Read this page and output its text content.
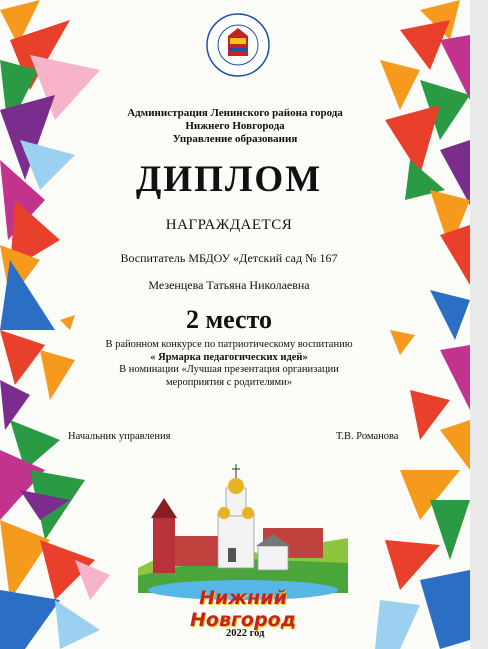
Администрация Ленинского района города
Нижнего Новгорода
Управление образования
ДИПЛОМ
НАГРАЖДАЕТСЯ
Воспитатель МБДОУ «Детский сад № 167
Мезенцева Татьяна Николаевна
2 место
В районном конкурсе по патриотическому воспитанию
« Ярмарка педагогических идей»
В номинации «Лучшая презентация организации
мероприятия с родителями»
Начальник управления	Т.В. Романова
Нижний Новгород
2022 год
